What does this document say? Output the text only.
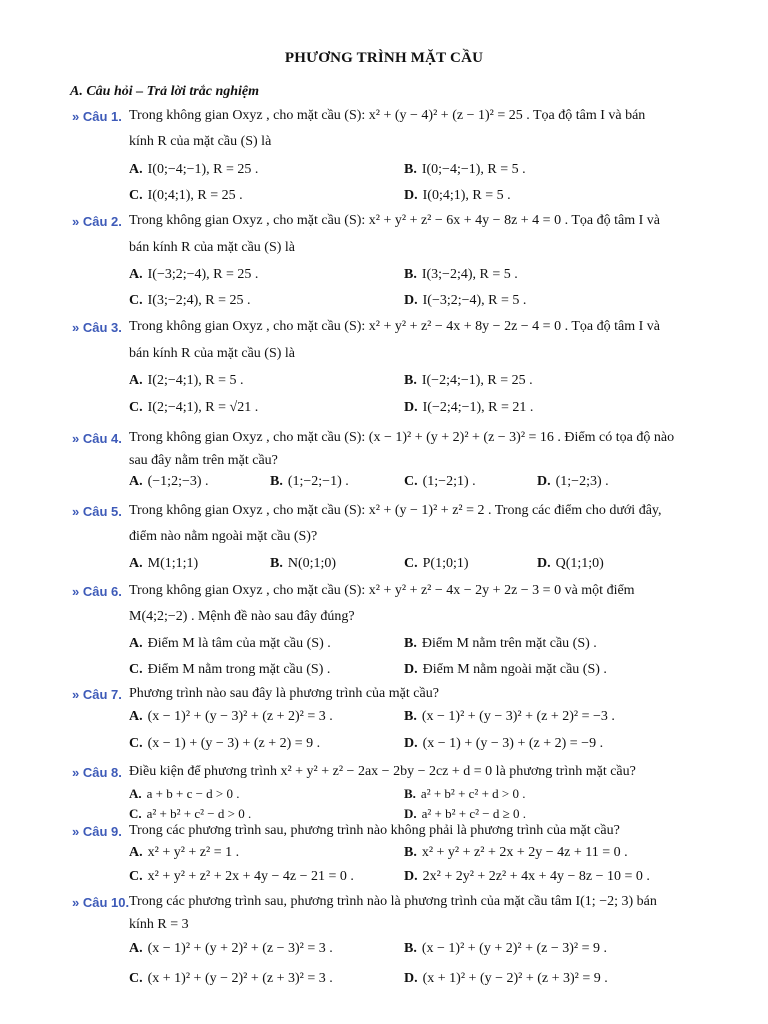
PHƯƠNG TRÌNH MẶT CẦU
A. Câu hỏi – Trả lời trắc nghiệm
» Câu 1. Trong không gian Oxyz , cho mặt cầu (S): x² + (y − 4)² + (z − 1)² = 25 . Tọa độ tâm I và bán
kính R của mặt cầu (S) là
A. I(0;−4;−1), R = 25 .	B. I(0;−4;−1), R = 5 .
C. I(0;4;1), R = 25 .	D. I(0;4;1), R = 5 .
» Câu 2. Trong không gian Oxyz , cho mặt cầu (S): x² + y² + z² − 6x + 4y − 8z + 4 = 0 . Tọa độ tâm I và
bán kính R của mặt cầu (S) là
A. I(−3;2;−4), R = 25 .	B. I(3;−2;4), R = 5 .
C. I(3;−2;4), R = 25 .	D. I(−3;2;−4), R = 5 .
» Câu 3. Trong không gian Oxyz , cho mặt cầu (S): x² + y² + z² − 4x + 8y − 2z − 4 = 0 . Tọa độ tâm I và
bán kính R của mặt cầu (S) là
A. I(2;−4;1), R = 5 .	B. I(−2;4;−1), R = 25 .
C. I(2;−4;1), R = √21 .	D. I(−2;4;−1), R = 21 .
» Câu 4. Trong không gian Oxyz , cho mặt cầu (S): (x − 1)² + (y + 2)² + (z − 3)² = 16 . Điểm có tọa độ nào
sau đây nằm trên mặt cầu?
A. (−1;2;−3) .	B. (1;−2;−1) .	C. (1;−2;1) .	D. (1;−2;3) .
» Câu 5. Trong không gian Oxyz , cho mặt cầu (S): x² + (y − 1)² + z² = 2 . Trong các điểm cho dưới đây,
điểm nào nằm ngoài mặt cầu (S)?
A. M(1;1;1)	B. N(0;1;0)	C. P(1;0;1)	D. Q(1;1;0)
» Câu 6. Trong không gian Oxyz , cho mặt cầu (S): x² + y² + z² − 4x − 2y + 2z − 3 = 0 và một điểm
M(4;2;−2) . Mệnh đề nào sau đây đúng?
A. Điểm M là tâm của mặt cầu (S) .	B. Điểm M nằm trên mặt cầu (S) .
C. Điểm M nằm trong mặt cầu (S) .	D. Điểm M nằm ngoài mặt cầu (S) .
» Câu 7. Phương trình nào sau đây là phương trình của mặt cầu?
A. (x − 1)² + (y − 3)² + (z + 2)² = 3 .	B. (x − 1)² + (y − 3)² + (z + 2)² = −3 .
C. (x − 1) + (y − 3) + (z + 2) = 9 .	D. (x − 1) + (y − 3) + (z + 2) = −9 .
» Câu 8. Điều kiện để phương trình x² + y² + z² − 2ax − 2by − 2cz + d = 0 là phương trình mặt cầu?
A. a + b + c − d > 0 .	B. a² + b² + c² + d > 0 .
C. a² + b² + c² − d > 0 .	D. a² + b² + c² − d ≥ 0 .
» Câu 9. Trong các phương trình sau, phương trình nào không phải là phương trình của mặt cầu?
A. x² + y² + z² = 1 .	B. x² + y² + z² + 2x + 2y − 4z + 11 = 0 .
C. x² + y² + z² + 2x + 4y − 4z − 21 = 0 .	D. 2x² + 2y² + 2z² + 4x + 4y − 8z − 10 = 0 .
» Câu 10. Trong các phương trình sau, phương trình nào là phương trình của mặt cầu tâm I(1; −2; 3) bán
kính R = 3
A. (x − 1)² + (y + 2)² + (z − 3)² = 3 .	B. (x − 1)² + (y + 2)² + (z − 3)² = 9 .
C. (x + 1)² + (y − 2)² + (z + 3)² = 3 .	D. (x + 1)² + (y − 2)² + (z + 3)² = 9 .
